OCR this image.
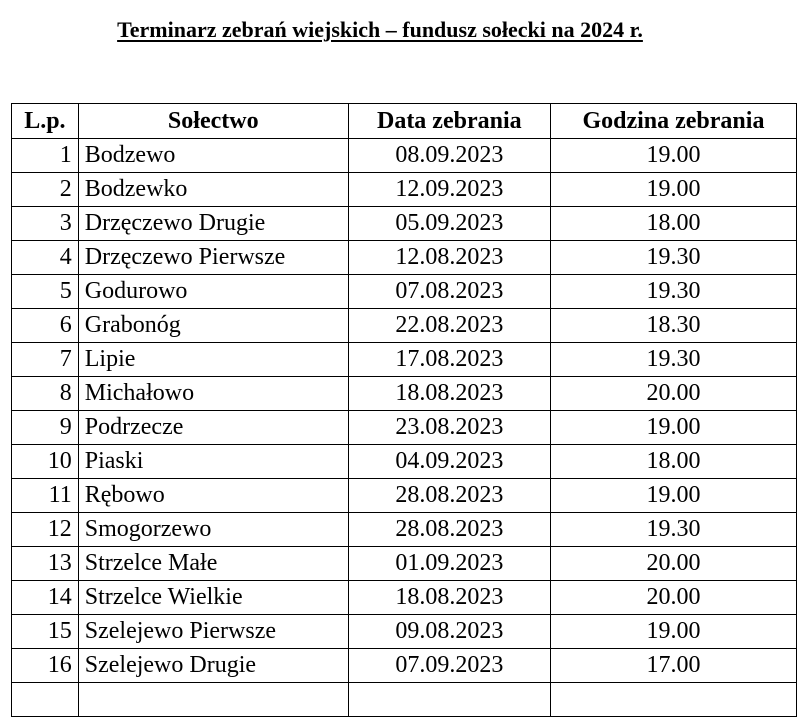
Terminarz zebrań wiejskich – fundusz sołecki na 2024 r.
L.p.	Sołectwo	Data zebrania	Godzina zebrania
1	Bodzewo	08.09.2023	19.00
2	Bodzewko	12.09.2023	19.00
3	Drzęczewo Drugie	05.09.2023	18.00
4	Drzęczewo Pierwsze	12.08.2023	19.30
5	Godurowo	07.08.2023	19.30
6	Grabonóg	22.08.2023	18.30
7	Lipie	17.08.2023	19.30
8	Michałowo	18.08.2023	20.00
9	Podrzecze	23.08.2023	19.00
10	Piaski	04.09.2023	18.00
11	Rębowo	28.08.2023	19.00
12	Smogorzewo	28.08.2023	19.30
13	Strzelce Małe	01.09.2023	20.00
14	Strzelce Wielkie	18.08.2023	20.00
15	Szelejewo Pierwsze	09.08.2023	19.00
16	Szelejewo Drugie	07.09.2023	17.00
